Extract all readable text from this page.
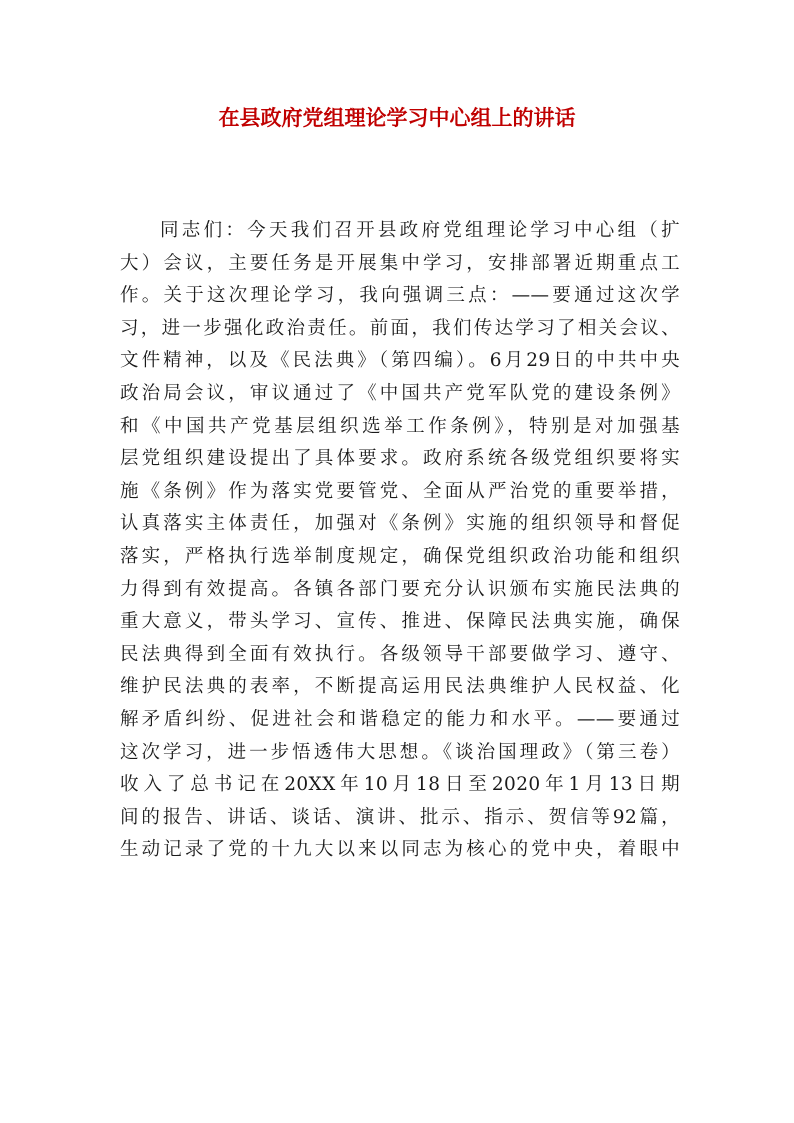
在县政府党组理论学习中心组上的讲话
同志们：今天我们召开县政府党组理论学习中心组（扩
大）会议，主要任务是开展集中学习，安排部署近期重点工
作。关于这次理论学习，我向强调三点：——要通过这次学
习，进一步强化政治责任。前面，我们传达学习了相关会议、
文件精神，以及《民法典》（第四编）。6月29日的中共中央
政治局会议，审议通过了《中国共产党军队党的建设条例》
和《中国共产党基层组织选举工作条例》，特别是对加强基
层党组织建设提出了具体要求。政府系统各级党组织要将实
施《条例》作为落实党要管党、全面从严治党的重要举措，
认真落实主体责任，加强对《条例》实施的组织领导和督促
落实，严格执行选举制度规定，确保党组织政治功能和组织
力得到有效提高。各镇各部门要充分认识颁布实施民法典的
重大意义，带头学习、宣传、推进、保障民法典实施，确保
民法典得到全面有效执行。各级领导干部要做学习、遵守、
维护民法典的表率，不断提高运用民法典维护人民权益、化
解矛盾纠纷、促进社会和谐稳定的能力和水平。——要通过
这次学习，进一步悟透伟大思想。《谈治国理政》（第三卷）
收入了总书记在20XX年10月18日至2020年1月13日期
间的报告、讲话、谈话、演讲、批示、指示、贺信等92篇，
生动记录了党的十九大以来以同志为核心的党中央，着眼中
